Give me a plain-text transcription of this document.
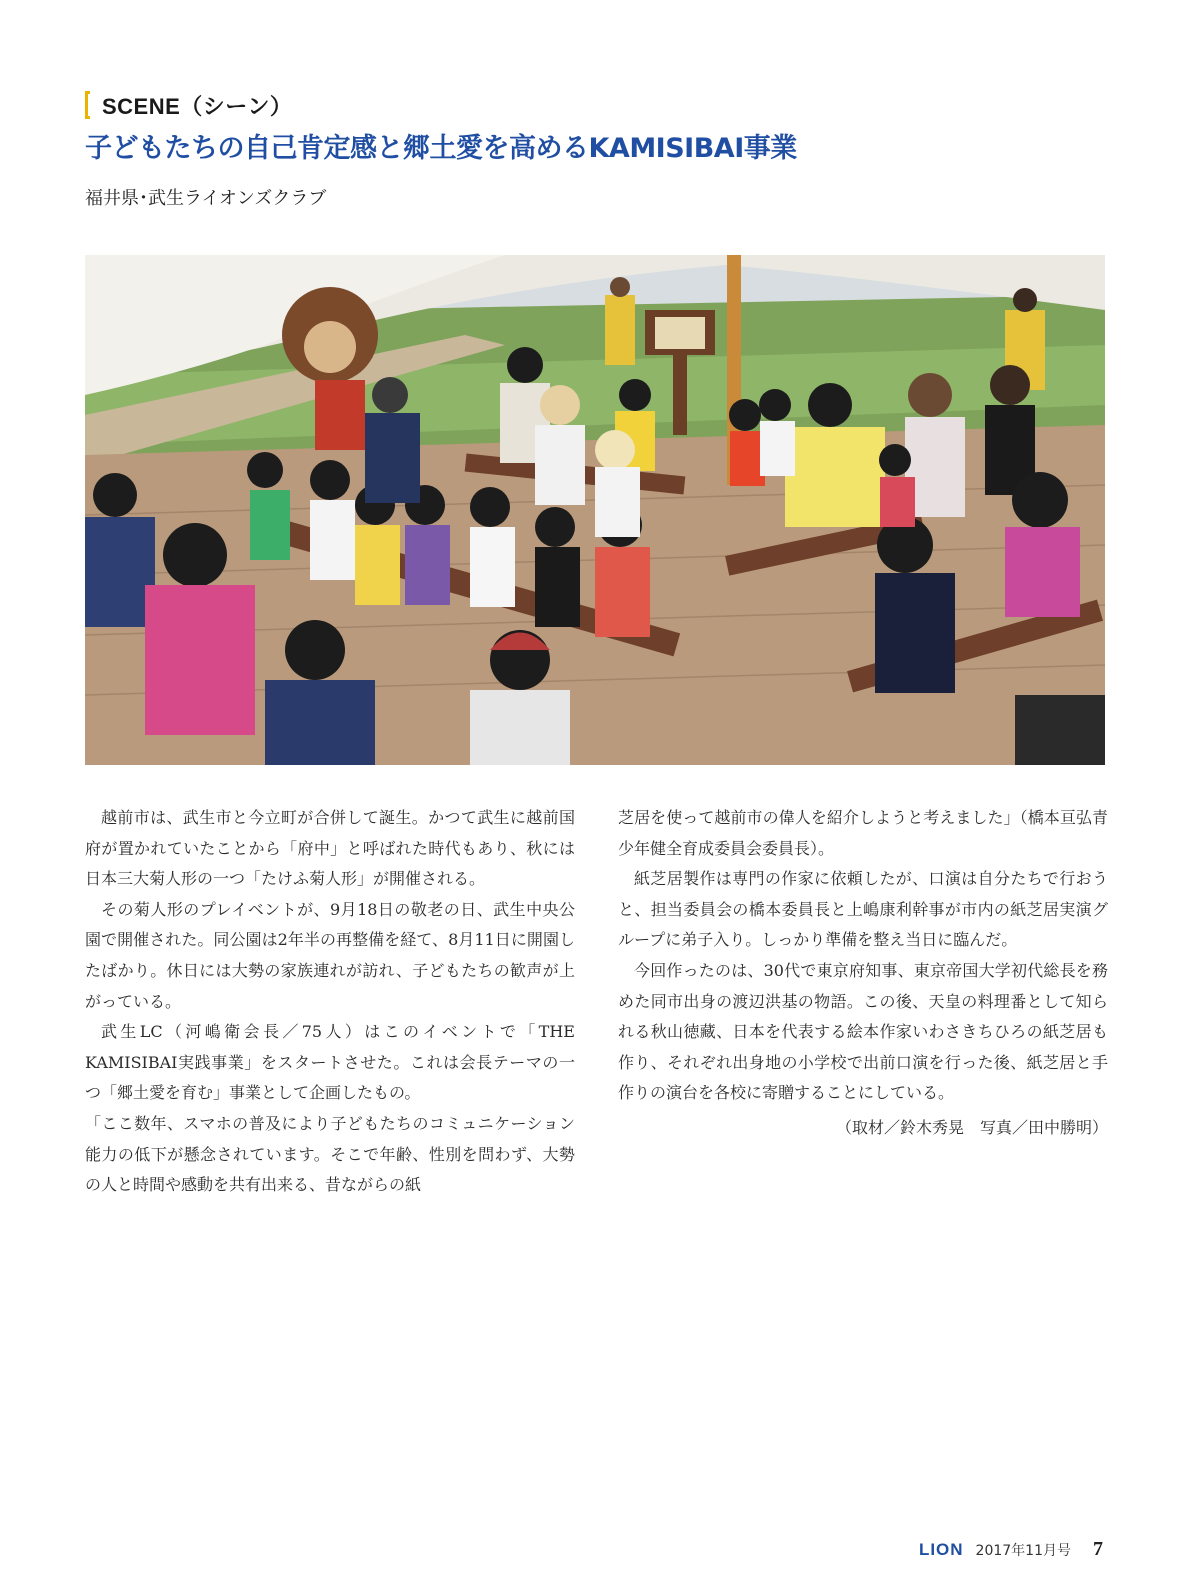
SCENE（シーン）
子どもたちの自己肯定感と郷土愛を高めるKAMISIBAI事業
福井県･武生ライオンズクラブ

越前市は、武生市と今立町が合併して誕生。かつて武生に越前国府が置かれていたことから「府中」と呼ばれた時代もあり、秋には日本三大菊人形の一つ「たけふ菊人形」が開催される。

その菊人形のプレイベントが、9月18日の敬老の日、武生中央公園で開催された。同公園は2年半の再整備を経て、8月11日に開園したばかり。休日には大勢の家族連れが訪れ、子どもたちの歓声が上がっている。

武生LC（河嶋衛会長／75人）はこのイベントで「THE KAMISIBAI実践事業」をスタートさせた。これは会長テーマの一つ「郷土愛を育む」事業として企画したもの。

「ここ数年、スマホの普及により子どもたちのコミュニケーション能力の低下が懸念されています。そこで年齢、性別を問わず、大勢の人と時間や感動を共有出来る、昔ながらの紙

芝居を使って越前市の偉人を紹介しようと考えました」（橋本亘弘青少年健全育成委員会委員長）。

紙芝居製作は専門の作家に依頼したが、口演は自分たちで行おうと、担当委員会の橋本委員長と上嶋康利幹事が市内の紙芝居実演グループに弟子入り。しっかり準備を整え当日に臨んだ。

今回作ったのは、30代で東京府知事、東京帝国大学初代総長を務めた同市出身の渡辺洪基の物語。この後、天皇の料理番として知られる秋山徳藏、日本を代表する絵本作家いわさきちひろの紙芝居も作り、それぞれ出身地の小学校で出前口演を行った後、紙芝居と手作りの演台を各校に寄贈することにしている。

（取材／鈴木秀晃　写真／田中勝明）
LION 2017年11月号 7
